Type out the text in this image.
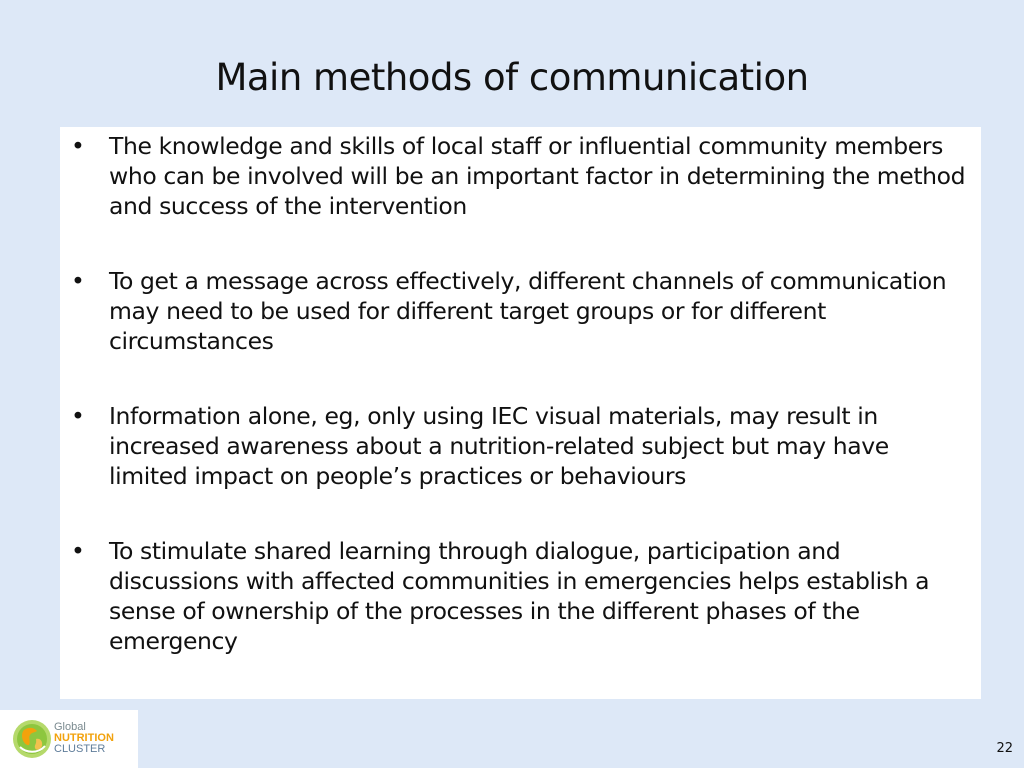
Main methods of communication
• The knowledge and skills of local staff or influential community members who can be involved will be an important factor in determining the method and success of the intervention
• To get a message across effectively, different channels of communication may need to be used for different target groups or for different circumstances
• Information alone, eg, only using IEC visual materials, may result in increased awareness about a nutrition-related subject but may have limited impact on people’s practices or behaviours
• To stimulate shared learning through dialogue, participation and discussions with affected communities in emergencies helps establish a sense of ownership of the processes in the different phases of the emergency
Global
NUTRITION
CLUSTER	22
